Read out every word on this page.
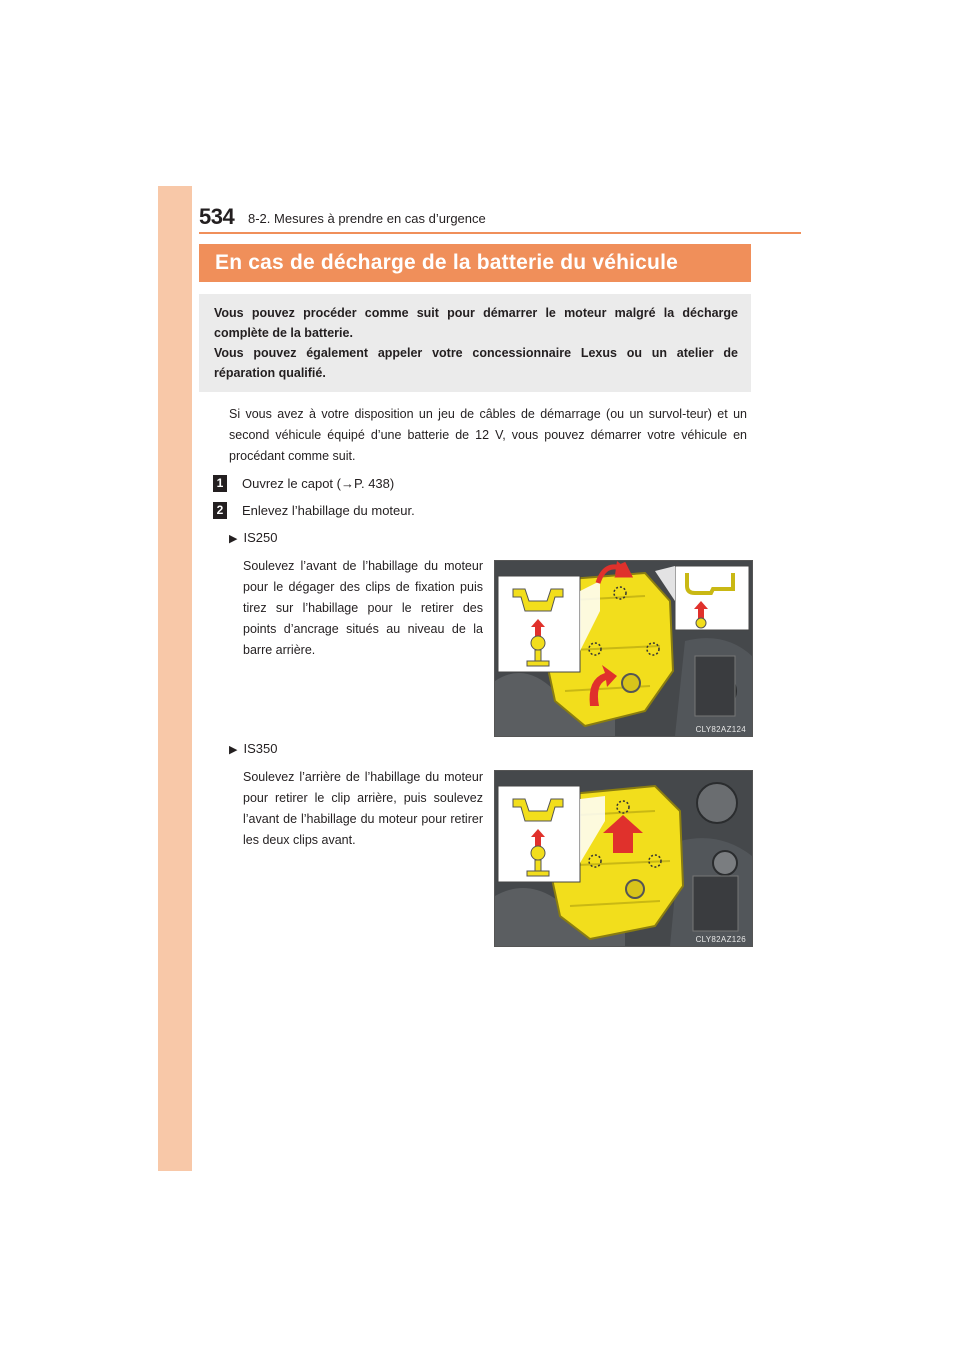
534 8-2. Mesures à prendre en cas d’urgence
En cas de décharge de la batterie du véhicule

Vous pouvez procéder comme suit pour démarrer le moteur malgré la décharge complète de la batterie.

Vous pouvez également appeler votre concessionnaire Lexus ou un atelier de réparation qualifié.

Si vous avez à votre disposition un jeu de câbles de démarrage (ou un survol-teur) et un second véhicule équipé d’une batterie de 12 V, vous pouvez démarrer votre véhicule en procédant comme suit.

1 Ouvrez le capot (→P. 438)
2 Enlevez l’habillage du moteur.
▶ IS250

Soulevez l’avant de l’habillage du moteur pour le dégager des clips de fixation puis tirez sur l’habillage pour le retirer des points d’ancrage situés au niveau de la barre arrière.

CLY82AZ124
▶ IS350

Soulevez l’arrière de l’habillage du moteur pour retirer le clip arrière, puis soulevez l’avant de l’habillage du moteur pour retirer les deux clips avant.

CLY82AZ126
